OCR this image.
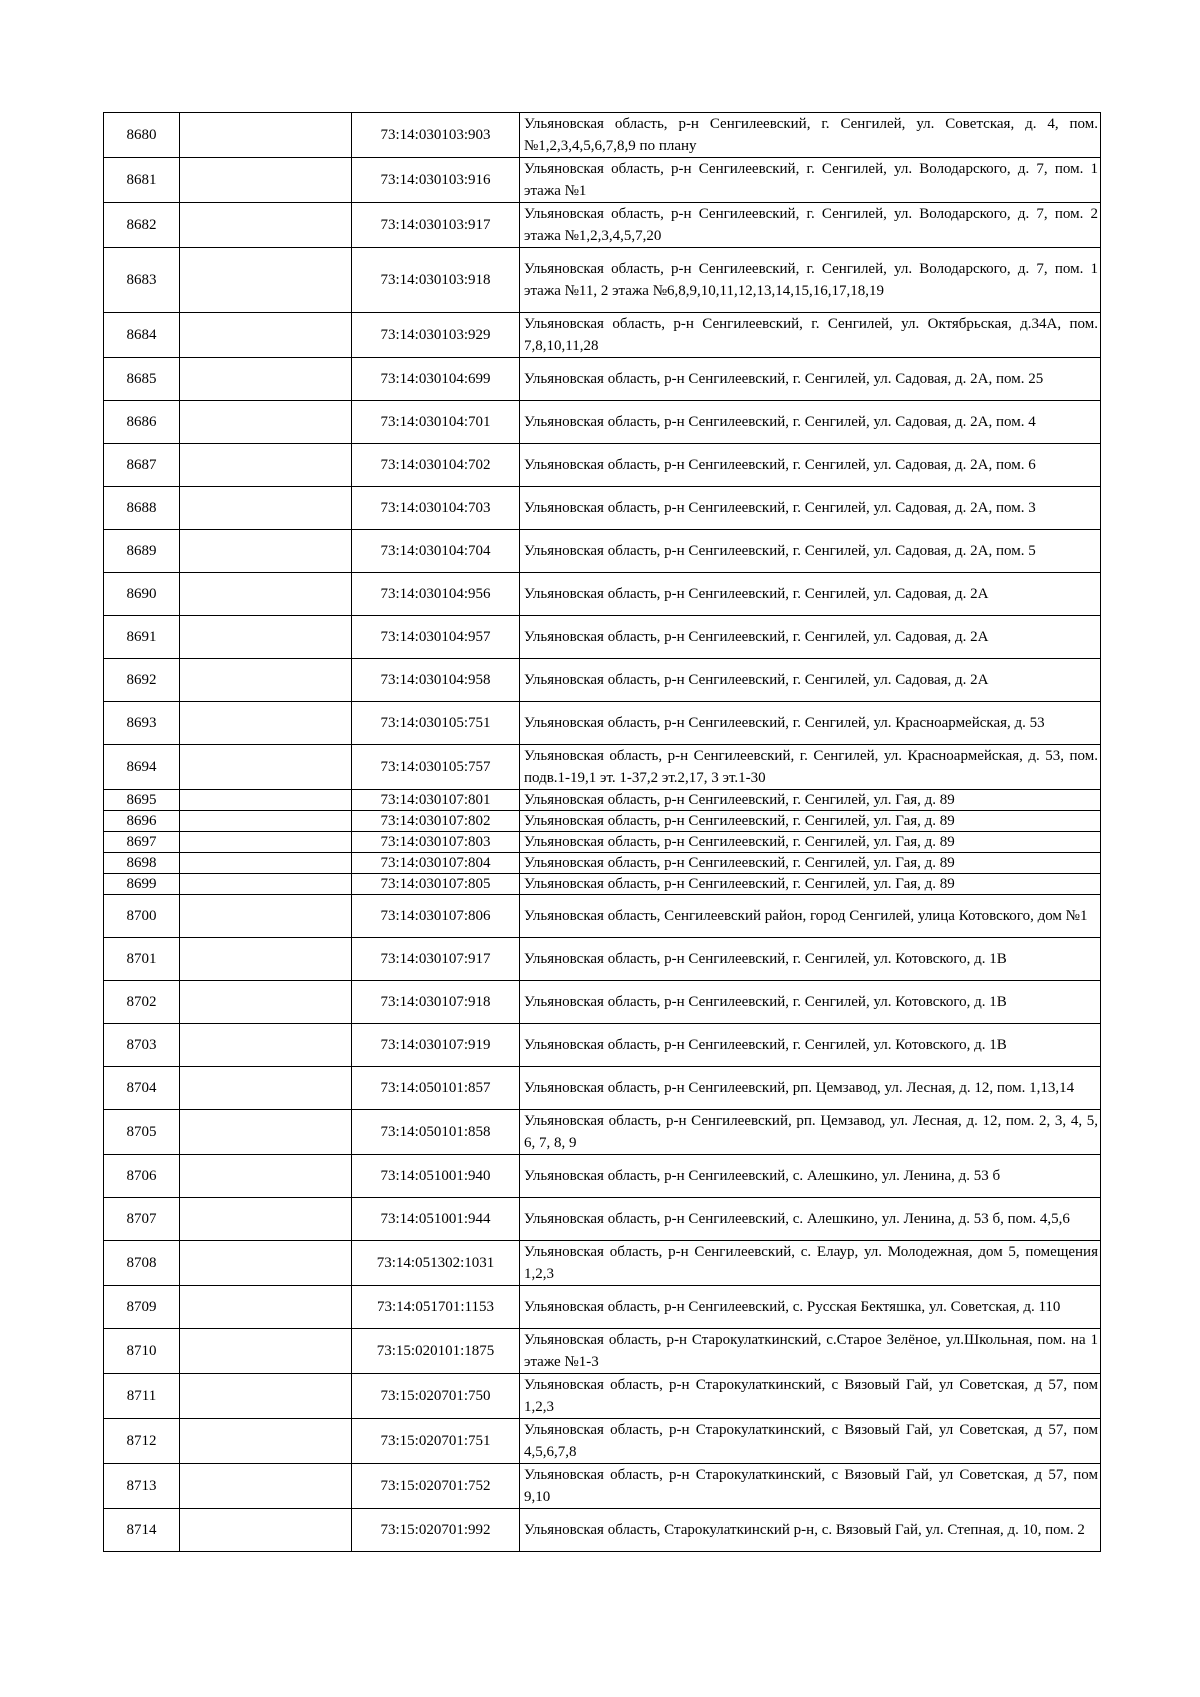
8680		73:14:030103:903	Ульяновская область, р-н Сенгилеевский, г. Сенгилей, ул. Советская, д. 4, пом. №1,2,3,4,5,6,7,8,9 по плану
8681		73:14:030103:916	Ульяновская область, р-н Сенгилеевский, г. Сенгилей, ул. Володарского, д. 7, пом. 1 этажа №1
8682		73:14:030103:917	Ульяновская область, р-н Сенгилеевский, г. Сенгилей, ул. Володарского, д. 7, пом. 2 этажа №1,2,3,4,5,7,20
8683		73:14:030103:918	Ульяновская область, р-н Сенгилеевский, г. Сенгилей, ул. Володарского, д. 7, пом. 1 этажа №11, 2 этажа №6,8,9,10,11,12,13,14,15,16,17,18,19
8684		73:14:030103:929	Ульяновская область, р-н Сенгилеевский, г. Сенгилей, ул. Октябрьская, д.34А, пом. 7,8,10,11,28
8685		73:14:030104:699	Ульяновская область, р-н Сенгилеевский, г. Сенгилей, ул. Садовая, д. 2А, пом. 25
8686		73:14:030104:701	Ульяновская область, р-н Сенгилеевский, г. Сенгилей, ул. Садовая, д. 2А, пом. 4
8687		73:14:030104:702	Ульяновская область, р-н Сенгилеевский, г. Сенгилей, ул. Садовая, д. 2А, пом. 6
8688		73:14:030104:703	Ульяновская область, р-н Сенгилеевский, г. Сенгилей, ул. Садовая, д. 2А, пом. 3
8689		73:14:030104:704	Ульяновская область, р-н Сенгилеевский, г. Сенгилей, ул. Садовая, д. 2А, пом. 5
8690		73:14:030104:956	Ульяновская область, р-н Сенгилеевский, г. Сенгилей, ул. Садовая, д. 2А
8691		73:14:030104:957	Ульяновская область, р-н Сенгилеевский, г. Сенгилей, ул. Садовая, д. 2А
8692		73:14:030104:958	Ульяновская область, р-н Сенгилеевский, г. Сенгилей, ул. Садовая, д. 2А
8693		73:14:030105:751	Ульяновская область, р-н Сенгилеевский, г. Сенгилей, ул. Красноармейская, д. 53
8694		73:14:030105:757	Ульяновская область, р-н Сенгилеевский, г. Сенгилей, ул. Красноармейская, д. 53, пом. подв.1-19,1 эт. 1-37,2 эт.2,17, 3 эт.1-30
8695		73:14:030107:801	Ульяновская область, р-н Сенгилеевский, г. Сенгилей, ул. Гая, д. 89
8696		73:14:030107:802	Ульяновская область, р-н Сенгилеевский, г. Сенгилей, ул. Гая, д. 89
8697		73:14:030107:803	Ульяновская область, р-н Сенгилеевский, г. Сенгилей, ул. Гая, д. 89
8698		73:14:030107:804	Ульяновская область, р-н Сенгилеевский, г. Сенгилей, ул. Гая, д. 89
8699		73:14:030107:805	Ульяновская область, р-н Сенгилеевский, г. Сенгилей, ул. Гая, д. 89
8700		73:14:030107:806	Ульяновская область, Сенгилеевский район, город Сенгилей, улица Котовского, дом №1
8701		73:14:030107:917	Ульяновская область, р-н Сенгилеевский, г. Сенгилей, ул. Котовского, д. 1В
8702		73:14:030107:918	Ульяновская область, р-н Сенгилеевский, г. Сенгилей, ул. Котовского, д. 1В
8703		73:14:030107:919	Ульяновская область, р-н Сенгилеевский, г. Сенгилей, ул. Котовского, д. 1В
8704		73:14:050101:857	Ульяновская область, р-н Сенгилеевский, рп. Цемзавод, ул. Лесная, д. 12, пом. 1,13,14
8705		73:14:050101:858	Ульяновская область, р-н Сенгилеевский, рп. Цемзавод, ул. Лесная, д. 12, пом. 2, 3, 4, 5, 6, 7, 8, 9
8706		73:14:051001:940	Ульяновская область, р-н Сенгилеевский, с. Алешкино, ул. Ленина, д. 53 б
8707		73:14:051001:944	Ульяновская область, р-н Сенгилеевский, с. Алешкино, ул. Ленина, д. 53 б, пом. 4,5,6
8708		73:14:051302:1031	Ульяновская область, р-н Сенгилеевский, с. Елаур, ул. Молодежная, дом 5, помещения 1,2,3
8709		73:14:051701:1153	Ульяновская область, р-н Сенгилеевский, с. Русская Бектяшка, ул. Советская, д. 110
8710		73:15:020101:1875	Ульяновская область, р-н Старокулаткинский, с.Старое Зелёное, ул.Школьная, пом. на 1 этаже №1-3
8711		73:15:020701:750	Ульяновская область, р-н Старокулаткинский, с Вязовый Гай, ул Советская, д 57, пом 1,2,3
8712		73:15:020701:751	Ульяновская область, р-н Старокулаткинский, с Вязовый Гай, ул Советская, д 57, пом 4,5,6,7,8
8713		73:15:020701:752	Ульяновская область, р-н Старокулаткинский, с Вязовый Гай, ул Советская, д 57, пом 9,10
8714		73:15:020701:992	Ульяновская область, Старокулаткинский р-н, с. Вязовый Гай, ул. Степная, д. 10, пом. 2
